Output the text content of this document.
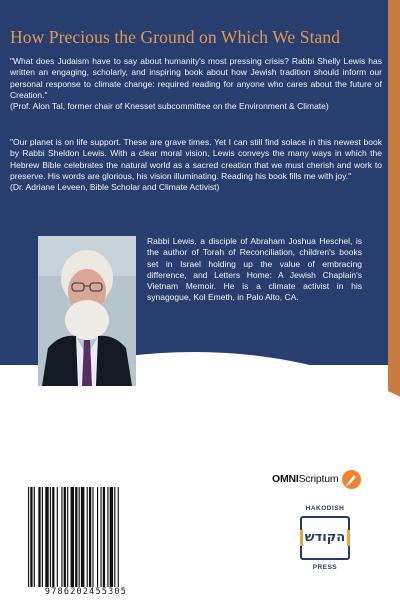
How Precious the Ground on Which We Stand

"What does Judaism have to say about humanity's most pressing crisis? Rabbi Shelly Lewis has written an engaging, scholarly, and inspiring book about how Jewish tradition should inform our personal response to climate change: required reading for anyone who cares about the future of Creation."
(Prof. Alon Tal, former chair of Knesset subcommittee on the Environment & Climate)

"Our planet is on life support. These are grave times. Yet I can still find solace in this newest book by Rabbi Sheldon Lewis. With a clear moral vision, Lewis conveys the many ways in which the Hebrew Bible celebrates the natural world as a sacred creation that we must cherish and work to preserve. His words are glorious, his vision illuminating. Reading his book fills me with joy."
(Dr. Adriane Leveen, Bible Scholar and Climate Activist)

Rabbi Lewis, a disciple of Abraham Joshua Heschel, is the author of Torah of Reconciliation, children's books set in Israel holding up the value of embracing difference, and Letters Home: A Jewish Chaplain's Vietnam Memoir. He is a climate activist in his synagogue, Kol Emeth, in Palo Alto, CA.

OMNIScriptum
HAKODISH
הקודש
PRESS
9786202455305
